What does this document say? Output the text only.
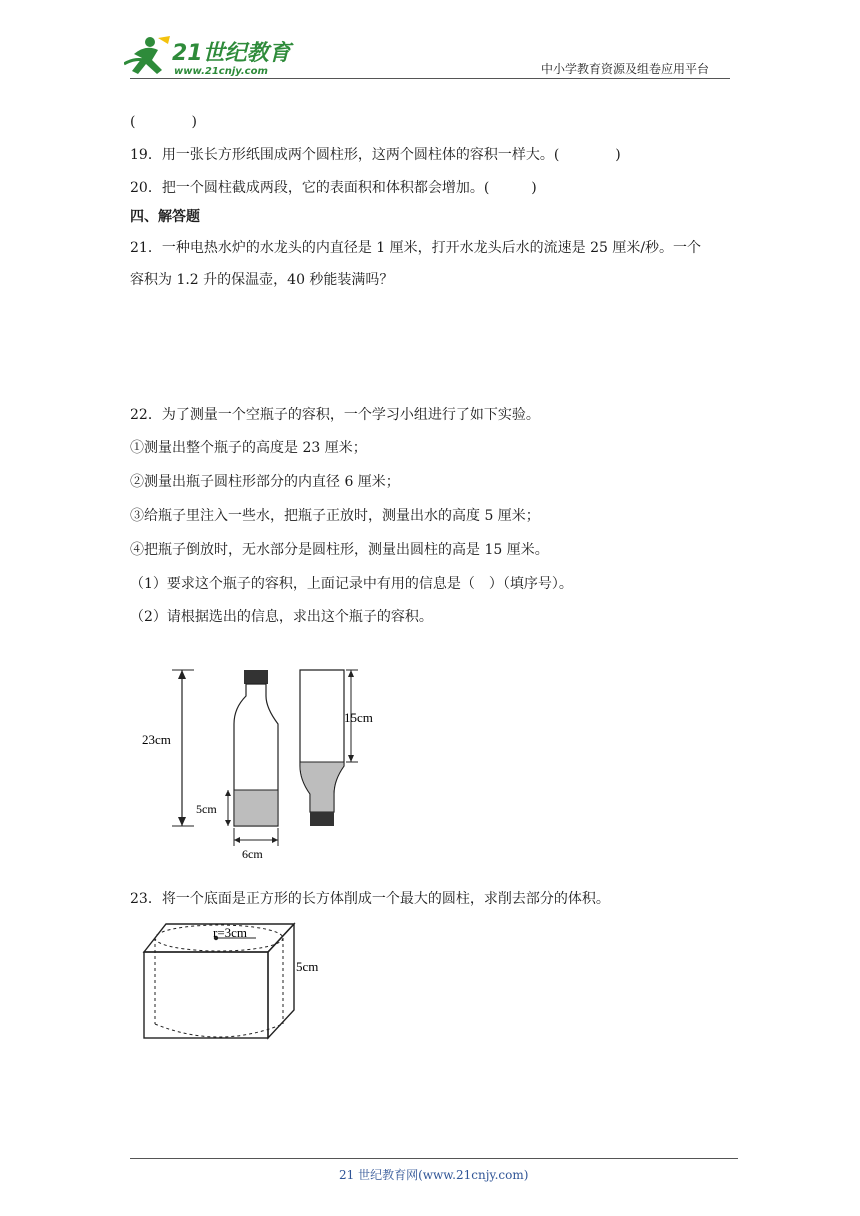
21世纪教育
www.21cnjy.com	中小学教育资源及组卷应用平台
(　　　　)
19．用一张长方形纸围成两个圆柱形，这两个圆柱体的容积一样大。(　　　　)
20．把一个圆柱截成两段，它的表面积和体积都会增加。(　　　)
四、解答题
21．一种电热水炉的水龙头的内直径是 1 厘米，打开水龙头后水的流速是 25 厘米/秒。一个
容积为 1.2 升的保温壶，40 秒能装满吗？
22．为了测量一个空瓶子的容积，一个学习小组进行了如下实验。
①测量出整个瓶子的高度是 23 厘米；
②测量出瓶子圆柱形部分的内直径 6 厘米；
③给瓶子里注入一些水，把瓶子正放时，测量出水的高度 5 厘米；
④把瓶子倒放时，无水部分是圆柱形，测量出圆柱的高是 15 厘米。
（1）要求这个瓶子的容积，上面记录中有用的信息是（　）（填序号）。
（2）请根据选出的信息，求出这个瓶子的容积。
23cm
5cm
6cm
15cm
23．将一个底面是正方形的长方体削成一个最大的圆柱，求削去部分的体积。
r=3cm
5cm
21 世纪教育网(www.21cnjy.com)
